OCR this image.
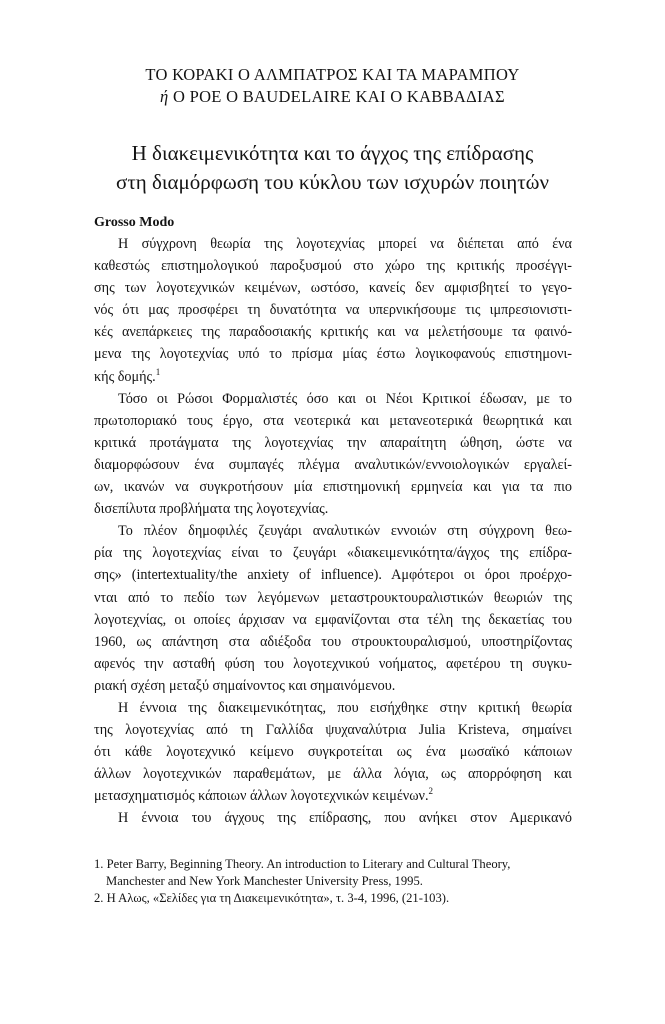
ΤΟ ΚΟΡΑΚΙ Ο ΑΛΜΠΑΤΡΟΣ ΚΑΙ ΤΑ ΜΑΡΑΜΠΟΥ
ή Ο ΡΟΕ Ο BAUDELAIRE ΚΑΙ Ο ΚΑΒΒΑΔΙΑΣ
Η διακειμενικότητα και το άγχος της επίδρασης
στη διαμόρφωση του κύκλου των ισχυρών ποιητών
Grosso Modo
Η σύγχρονη θεωρία της λογοτεχνίας μπορεί να διέπεται από ένα
καθεστώς επιστημολογικού παροξυσμού στο χώρο της κριτικής προσέγγι-
σης των λογοτεχνικών κειμένων, ωστόσο, κανείς δεν αμφισβητεί το γεγο-
νός ότι μας προσφέρει τη δυνατότητα να υπερνικήσουμε τις ιμπρεσιονιστι-
κές ανεπάρκειες της παραδοσιακής κριτικής και να μελετήσουμε τα φαινό-
μενα της λογοτεχνίας υπό το πρίσμα μίας έστω λογικοφανούς επιστημονι-
κής δομής.$^1$
Τόσο οι Ρώσοι Φορμαλιστές όσο και οι Νέοι Κριτικοί έδωσαν, με το
πρωτοποριακό τους έργο, στα νεοτερικά και μετανεοτερικά θεωρητικά και
κριτικά προτάγματα της λογοτεχνίας την απαραίτητη ώθηση, ώστε να
διαμορφώσουν ένα συμπαγές πλέγμα αναλυτικών/εννοιολογικών εργαλεί-
ων, ικανών να συγκροτήσουν μία επιστημονική ερμηνεία και για τα πιο
δισεπίλυτα προβλήματα της λογοτεχνίας.
Το πλέον δημοφιλές ζευγάρι αναλυτικών εννοιών στη σύγχρονη θεω-
ρία της λογοτεχνίας είναι το ζευγάρι «διακειμενικότητα/άγχος της επίδρα-
σης» (intertextuality/the anxiety of influence). Αμφότεροι οι όροι προέρχο-
νται από το πεδίο των λεγόμενων μεταστρουκτουραλιστικών θεωριών της
λογοτεχνίας, οι οποίες άρχισαν να εμφανίζονται στα τέλη της δεκαετίας του
1960, ως απάντηση στα αδιέξοδα του στρουκτουραλισμού, υποστηρίζοντας
αφενός την ασταθή φύση του λογοτεχνικού νοήματος, αφετέρου τη συγκυ-
ριακή σχέση μεταξύ σημαίνοντος και σημαινόμενου.
Η έννοια της διακειμενικότητας, που εισήχθηκε στην κριτική θεωρία
της λογοτεχνίας από τη Γαλλίδα ψυχαναλύτρια Julia Kristeva, σημαίνει
ότι κάθε λογοτεχνικό κείμενο συγκροτείται ως ένα μωσαϊκό κάποιων
άλλων λογοτεχνικών παραθεμάτων, με άλλα λόγια, ως απορρόφηση και
μετασχηματισμός κάποιων άλλων λογοτεχνικών κειμένων.$^2$
Η έννοια του άγχους της επίδρασης, που ανήκει στον Αμερικανό
1. Peter Barry, Beginning Theory. An introduction to Literary and Cultural Theory,
Manchester and New York Manchester University Press, 1995.
2. Η Αλως, «Σελίδες για τη Διακειμενικότητα», τ. 3-4, 1996, (21-103).
